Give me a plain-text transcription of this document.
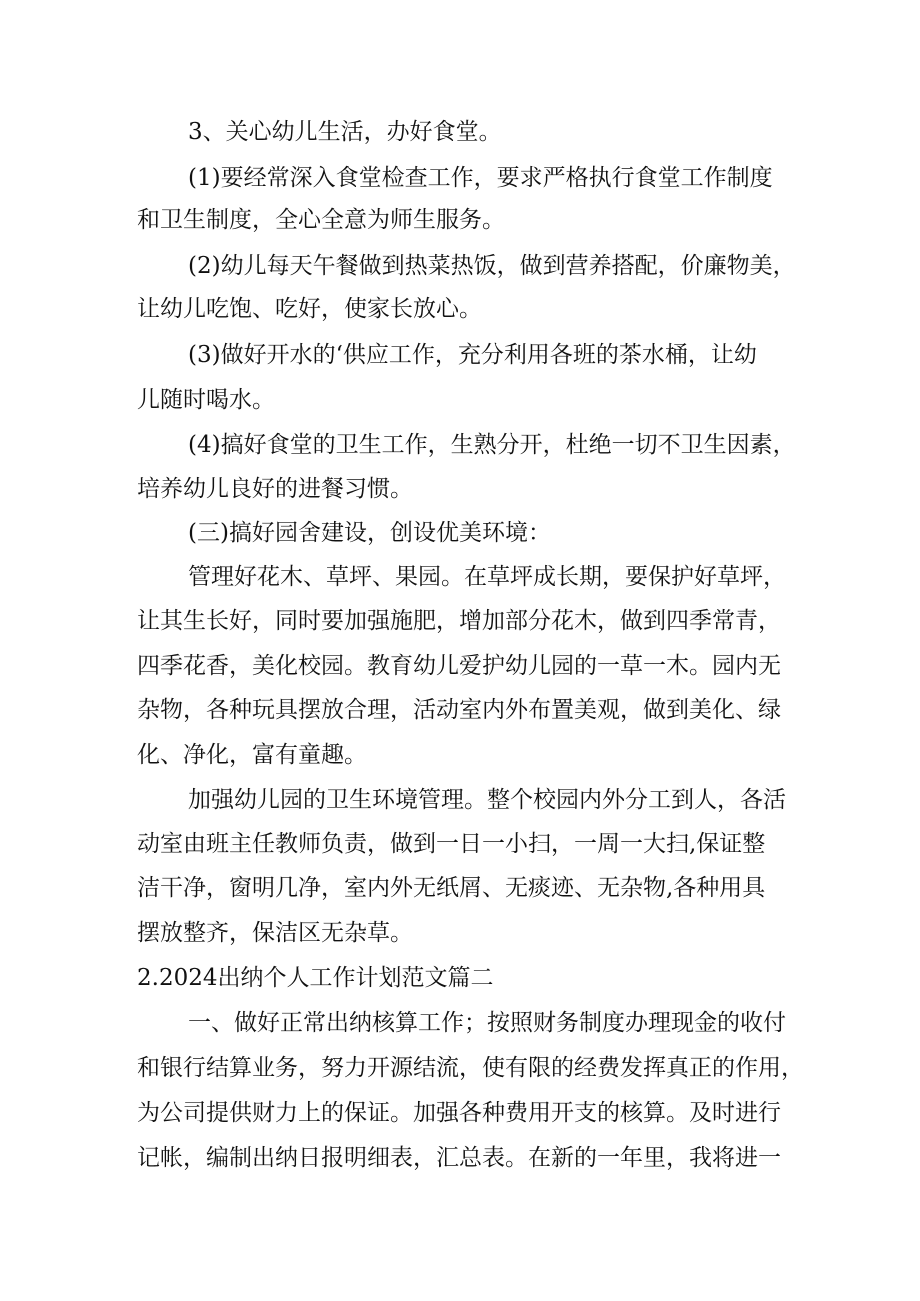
3、关心幼儿生活，办好食堂。
(1)要经常深入食堂检查工作，要求严格执行食堂工作制度
和卫生制度，全心全意为师生服务。
(2)幼儿每天午餐做到热菜热饭，做到营养搭配，价廉物美，
让幼儿吃饱、吃好，使家长放心。
(3)做好开水的‘供应工作，充分利用各班的茶水桶，让幼
儿随时喝水。
(4)搞好食堂的卫生工作，生熟分开，杜绝一切不卫生因素，
培养幼儿良好的进餐习惯。
(三)搞好园舍建设，创设优美环境：
管理好花木、草坪、果园。在草坪成长期，要保护好草坪，
让其生长好，同时要加强施肥，增加部分花木，做到四季常青，
四季花香，美化校园。教育幼儿爱护幼儿园的一草一木。园内无
杂物，各种玩具摆放合理，活动室内外布置美观，做到美化、绿
化、净化，富有童趣。
加强幼儿园的卫生环境管理。整个校园内外分工到人，各活
动室由班主任教师负责，做到一日一小扫，一周一大扫,保证整
洁干净，窗明几净，室内外无纸屑、无痰迹、无杂物,各种用具
摆放整齐，保洁区无杂草。
2.2024出纳个人工作计划范文篇二
一、做好正常出纳核算工作；按照财务制度办理现金的收付
和银行结算业务，努力开源结流，使有限的经费发挥真正的作用，
为公司提供财力上的保证。加强各种费用开支的核算。及时进行
记帐，编制出纳日报明细表，汇总表。在新的一年里，我将进一
